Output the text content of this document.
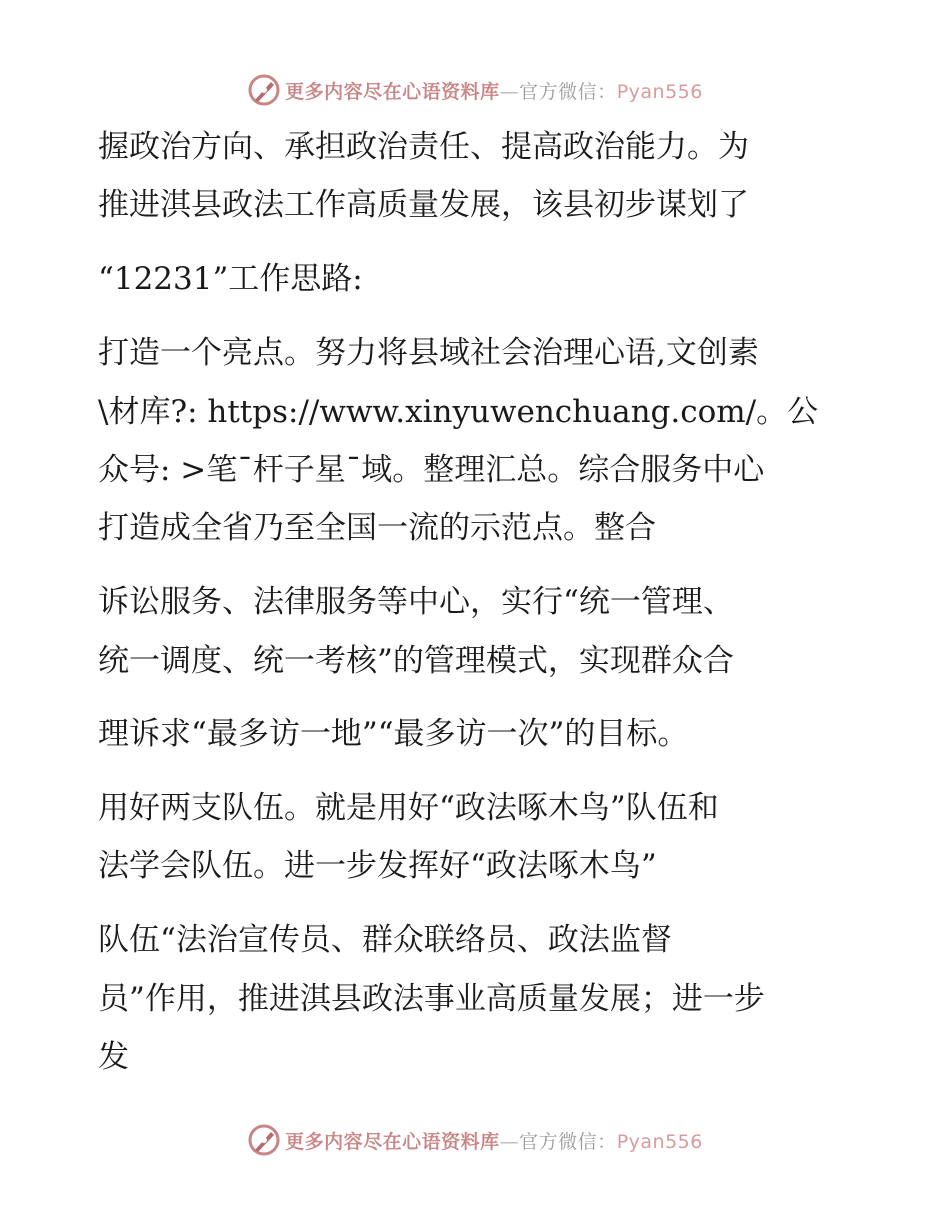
更多内容尽在心语资料库—官方微信：Pyan556
握政治方向、承担政治责任、提高政治能力。为
推进淇县政法工作高质量发展，该县初步谋划了
“12231”工作思路:
打造一个亮点。努力将县域社会治理心语,文创素
\材库?: https://www.xinyuwenchuang.com/。公
众号: >笔¯杆子星¯域。整理汇总。综合服务中心
打造成全省乃至全国一流的示范点。整合
诉讼服务、法律服务等中心，实行“统一管理、
统一调度、统一考核”的管理模式，实现群众合
理诉求“最多访一地”“最多访一次”的目标。
用好两支队伍。就是用好“政法啄木鸟”队伍和
法学会队伍。进一步发挥好“政法啄木鸟”
队伍“法治宣传员、群众联络员、政法监督
员”作用，推进淇县政法事业高质量发展；进一步
发
更多内容尽在心语资料库—官方微信：Pyan556
